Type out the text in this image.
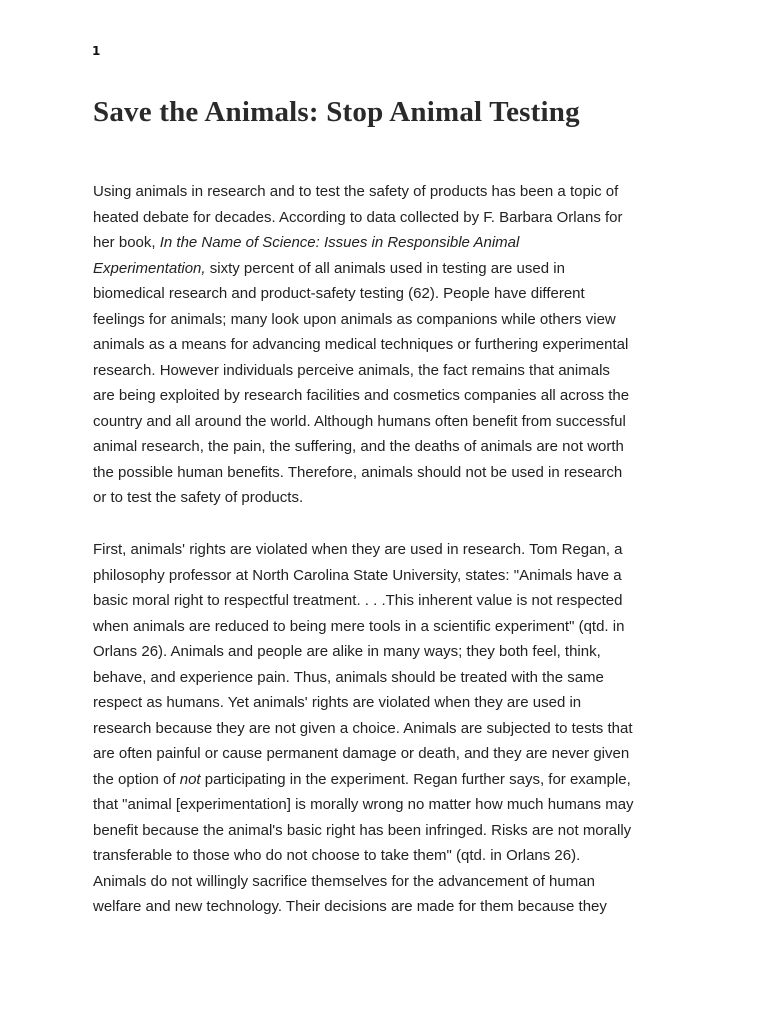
1

Save the Animals: Stop Animal Testing

Using animals in research and to test the safety of products has been a topic of
heated debate for decades. According to data collected by F. Barbara Orlans for
her book, In the Name of Science: Issues in Responsible Animal
Experimentation, sixty percent of all animals used in testing are used in
biomedical research and product-safety testing (62). People have different
feelings for animals; many look upon animals as companions while others view
animals as a means for advancing medical techniques or furthering experimental
research. However individuals perceive animals, the fact remains that animals
are being exploited by research facilities and cosmetics companies all across the
country and all around the world. Although humans often benefit from successful
animal research, the pain, the suffering, and the deaths of animals are not worth
the possible human benefits. Therefore, animals should not be used in research
or to test the safety of products.

First, animals' rights are violated when they are used in research. Tom Regan, a
philosophy professor at North Carolina State University, states: "Animals have a
basic moral right to respectful treatment. . . .This inherent value is not respected
when animals are reduced to being mere tools in a scientific experiment" (qtd. in
Orlans 26). Animals and people are alike in many ways; they both feel, think,
behave, and experience pain. Thus, animals should be treated with the same
respect as humans. Yet animals' rights are violated when they are used in
research because they are not given a choice. Animals are subjected to tests that
are often painful or cause permanent damage or death, and they are never given
the option of not participating in the experiment. Regan further says, for example,
that "animal [experimentation] is morally wrong no matter how much humans may
benefit because the animal's basic right has been infringed. Risks are not morally
transferable to those who do not choose to take them" (qtd. in Orlans 26).
Animals do not willingly sacrifice themselves for the advancement of human
welfare and new technology. Their decisions are made for them because they
